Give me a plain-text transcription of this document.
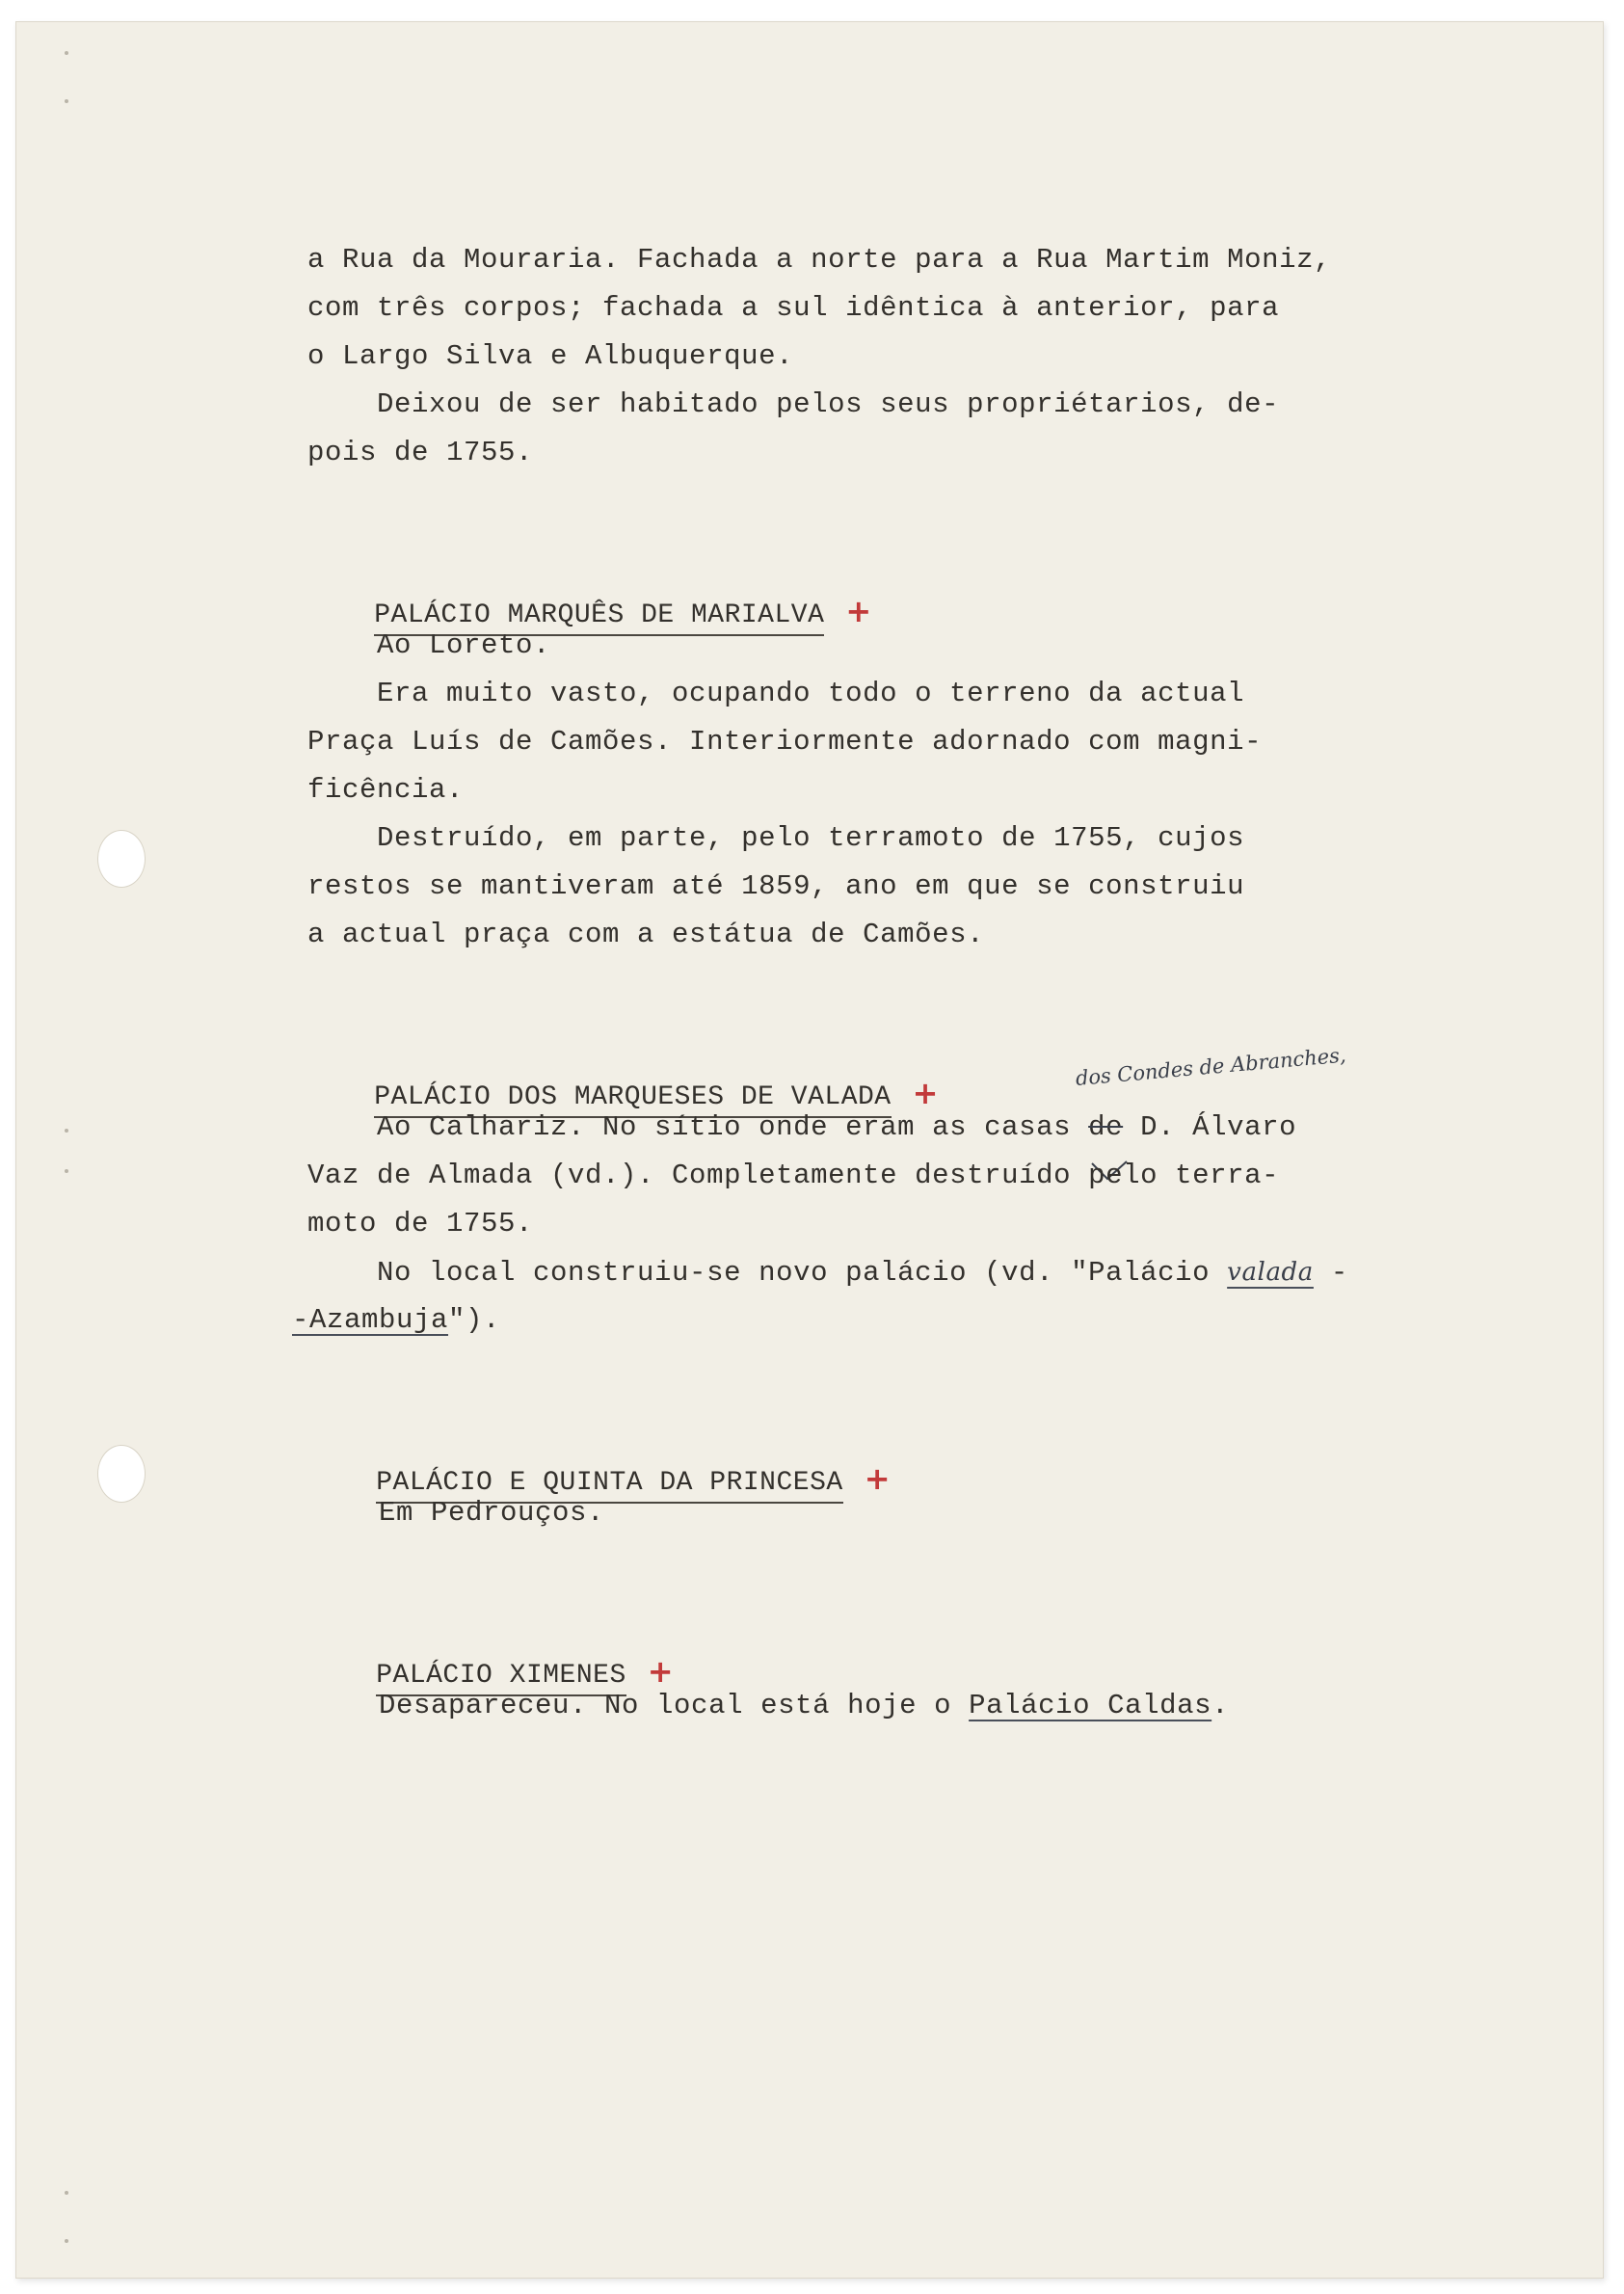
a Rua da Mouraria. Fachada a norte para a Rua Martim Moniz,

com três corpos; fachada a sul idêntica à anterior, para

o Largo Silva e Albuquerque.

Deixou de ser habitado pelos seus propriétarios, de-

pois de 1755.

PALÁCIO MARQUÊS DE MARIALVA +

Ao Loreto.

Era muito vasto, ocupando todo o terreno da actual

Praça Luís de Camões. Interiormente adornado com magni-

ficência.

Destruído, em parte, pelo terramoto de 1755, cujos

restos se mantiveram até 1859, ano em que se construiu

a actual praça com a estátua de Camões.

PALÁCIO DOS MARQUESES DE VALADA +

dos Condes de Abranches,

Ao Calhariz. No sítio onde eram as casas de D. Álvaro

Vaz de Almada (vd.). Completamente destruído pelo terra-

moto de 1755.

No local construiu-se novo palácio (vd. "Palácio valada -

-Azambuja").

PALÁCIO E QUINTA DA PRINCESA +

Em Pedrouços.

PALÁCIO XIMENES +

Desapareceu. No local está hoje o Palácio Caldas.
